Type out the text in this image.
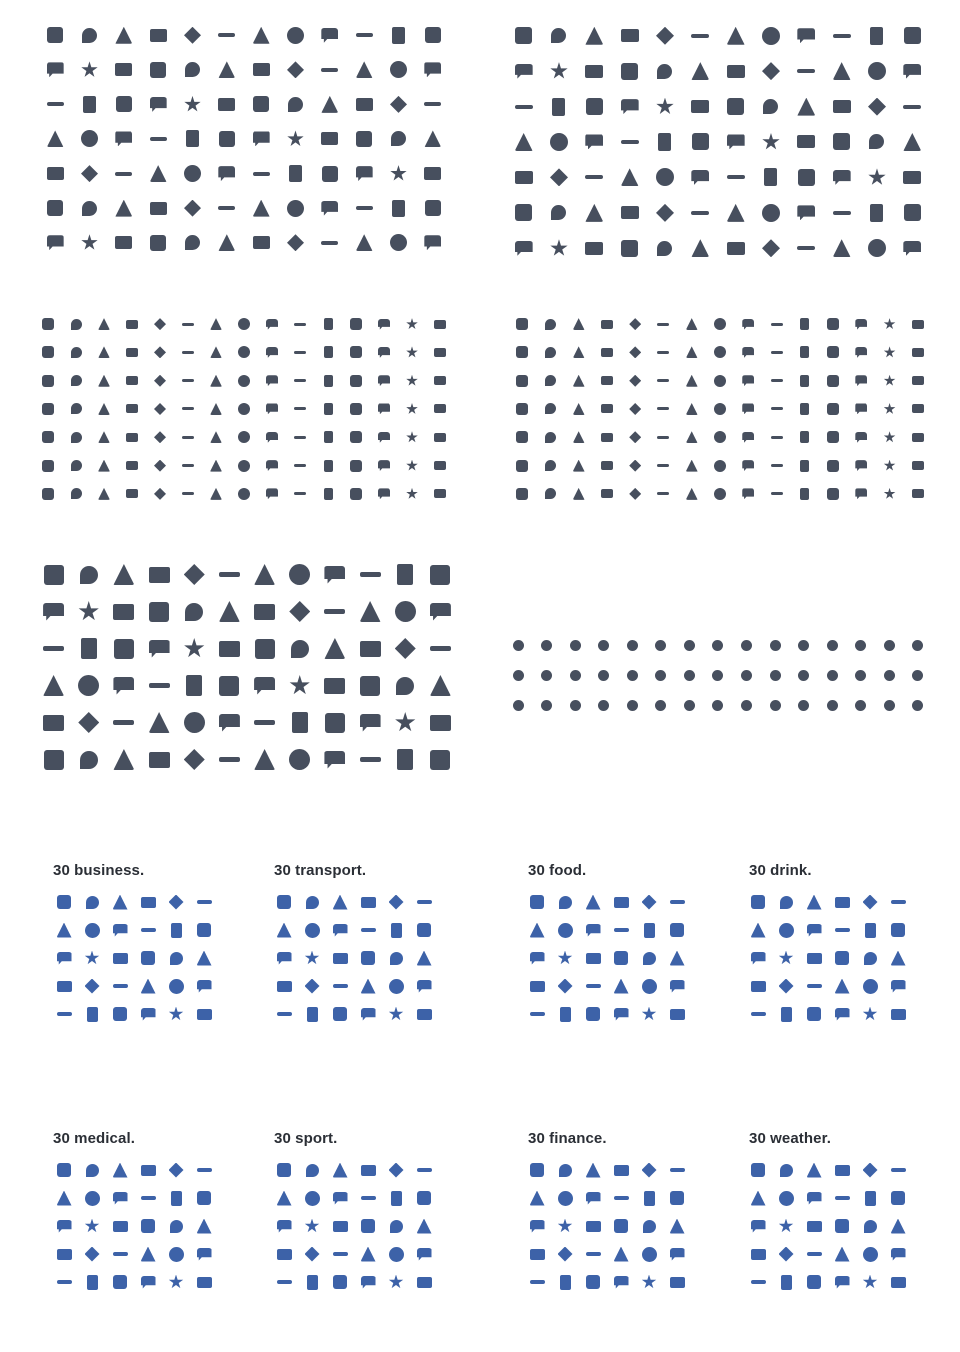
30 business.	30 transport.	30 food.	30 drink.
30 medical.	30 sport.	30 finance.	30 weather.
